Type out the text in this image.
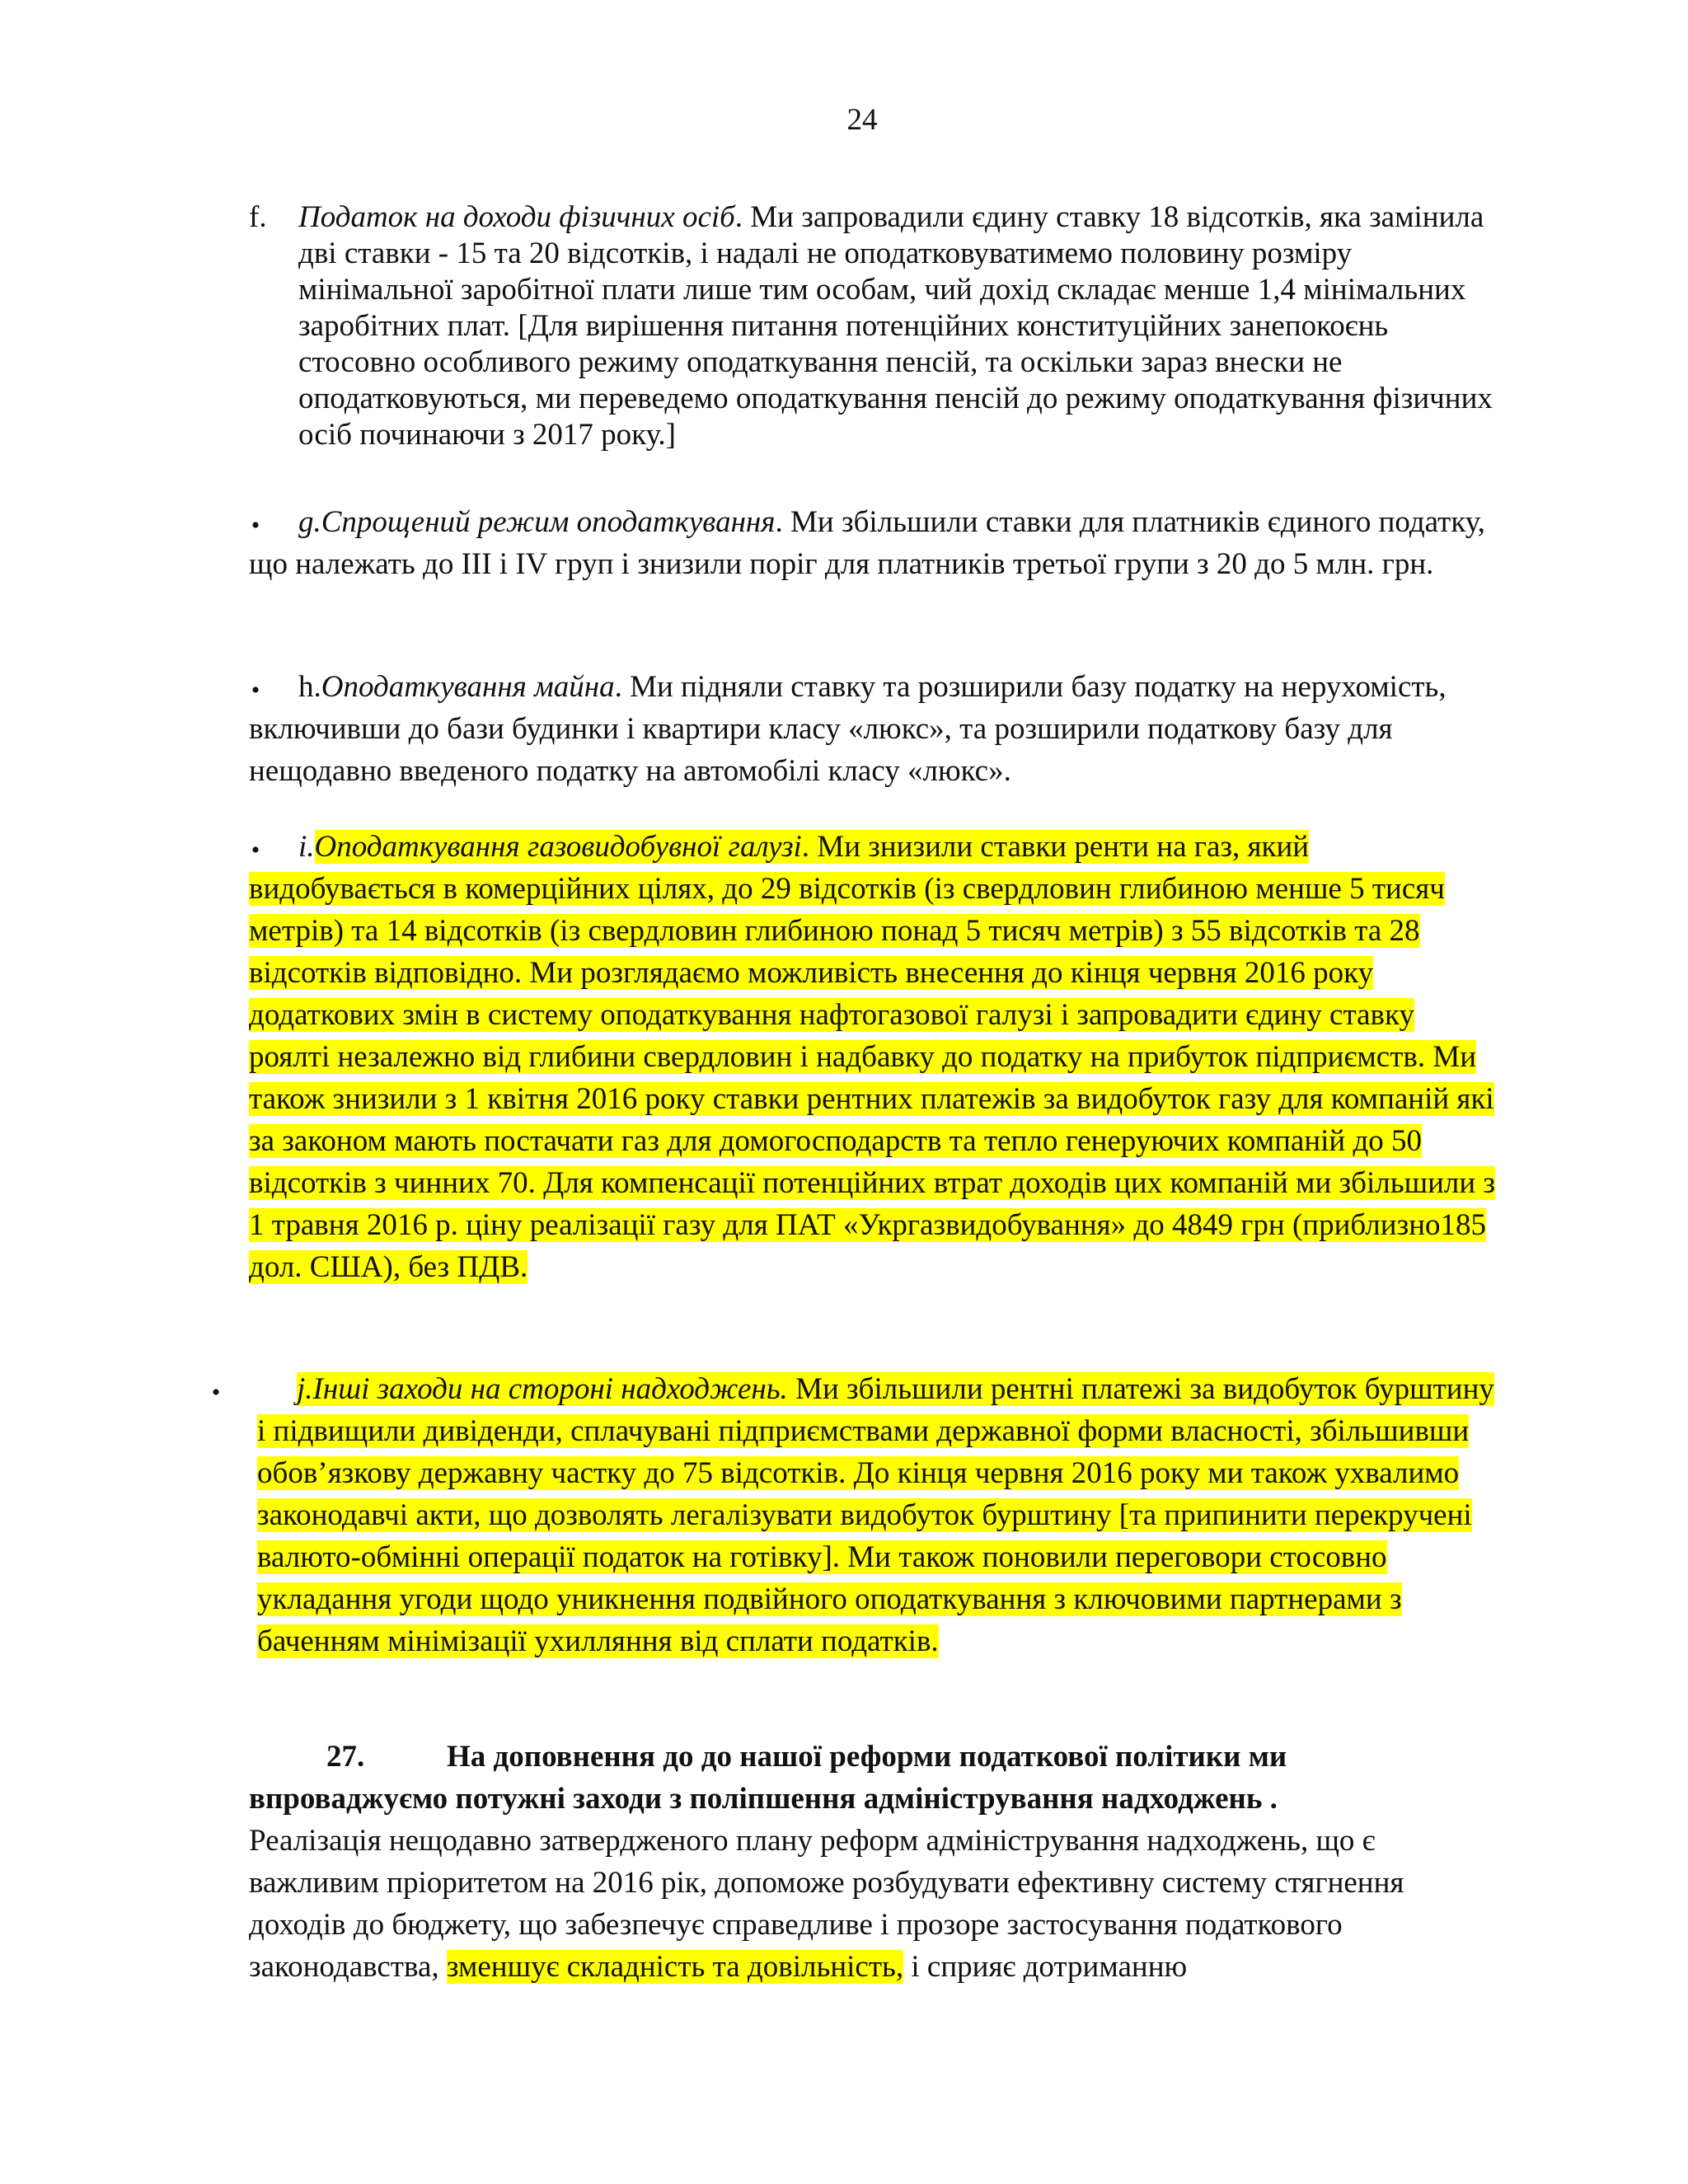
24
f. Податок на доходи фізичних осіб. Ми запровадили єдину ставку 18 відсотків, яка замінила дві ставки - 15 та 20 відсотків, і надалі не оподатковуватимемо половину розміру мінімальної заробітної плати лише тим особам, чий дохід складає менше 1,4 мінімальних заробітних плат. [Для вирішення питання потенційних конституційних занепокоєнь стосовно особливого режиму оподаткування пенсій, та оскільки зараз внески не оподатковуються, ми переведемо оподаткування пенсій до режиму оподаткування фізичних осіб починаючи з 2017 року.]
•	g.Спрощений режим оподаткування. Ми збільшили ставки для платників єдиного податку, що належать до ІІІ і IV груп і знизили поріг для платників третьої групи з 20 до 5 млн. грн.
•	h.Оподаткування майна. Ми підняли ставку та розширили базу податку на нерухомість, включивши до бази будинки і квартири класу «люкс», та розширили податкову базу для нещодавно введеного податку на автомобілі класу «люкс».
•	i.Оподаткування газовидобувної галузі. Ми знизили ставки ренти на газ, який видобувається в комерційних цілях, до 29 відсотків (із свердловин глибиною менше 5 тисяч метрів) та 14 відсотків (із свердловин глибиною понад 5 тисяч метрів) з 55 відсотків та 28 відсотків відповідно. Ми розглядаємо можливість внесення до кінця червня 2016 року додаткових змін в систему оподаткування нафтогазової галузі і запровадити єдину ставку роялті незалежно від глибини свердловин і надбавку до податку на прибуток підприємств. Ми також знизили з 1 квітня 2016 року ставки рентних платежів за видобуток газу для компаній які за законом мають постачати газ для домогосподарств та тепло генеруючих компаній до 50 відсотків з чинних 70. Для компенсації потенційних втрат доходів цих компаній ми збільшили з 1 травня 2016 р. ціну реалізації газу для ПАТ «Укргазвидобування» до 4849 грн (приблизно185 дол. США), без ПДВ.
•	j.Інші заходи на стороні надходжень. Ми збільшили рентні платежі за видобуток бурштину і підвищили дивіденди, сплачувані підприємствами державної форми власності, збільшивши обов’язкову державну частку до 75 відсотків. До кінця червня 2016 року ми також ухвалимо законодавчі акти, що дозволять легалізувати видобуток бурштину [та припинити перекручені валюто-обмінні операції податок на готівку]. Ми також поновили переговори стосовно укладання угоди щодо уникнення подвійного оподаткування з ключовими партнерами з баченням мінімізації ухилляння від сплати податків.
27.	На доповнення до до нашої реформи податкової політики ми
впроваджуємо потужні заходи з поліпшення адміністрування надходжень .
Реалізація нещодавно затвердженого плану реформ адміністрування надходжень, що є важливим пріоритетом на 2016 рік, допоможе розбудувати ефективну систему стягнення доходів до бюджету, що забезпечує справедливе і прозоре застосування податкового законодавства, зменшує складність та довільність, і сприяє дотриманню
